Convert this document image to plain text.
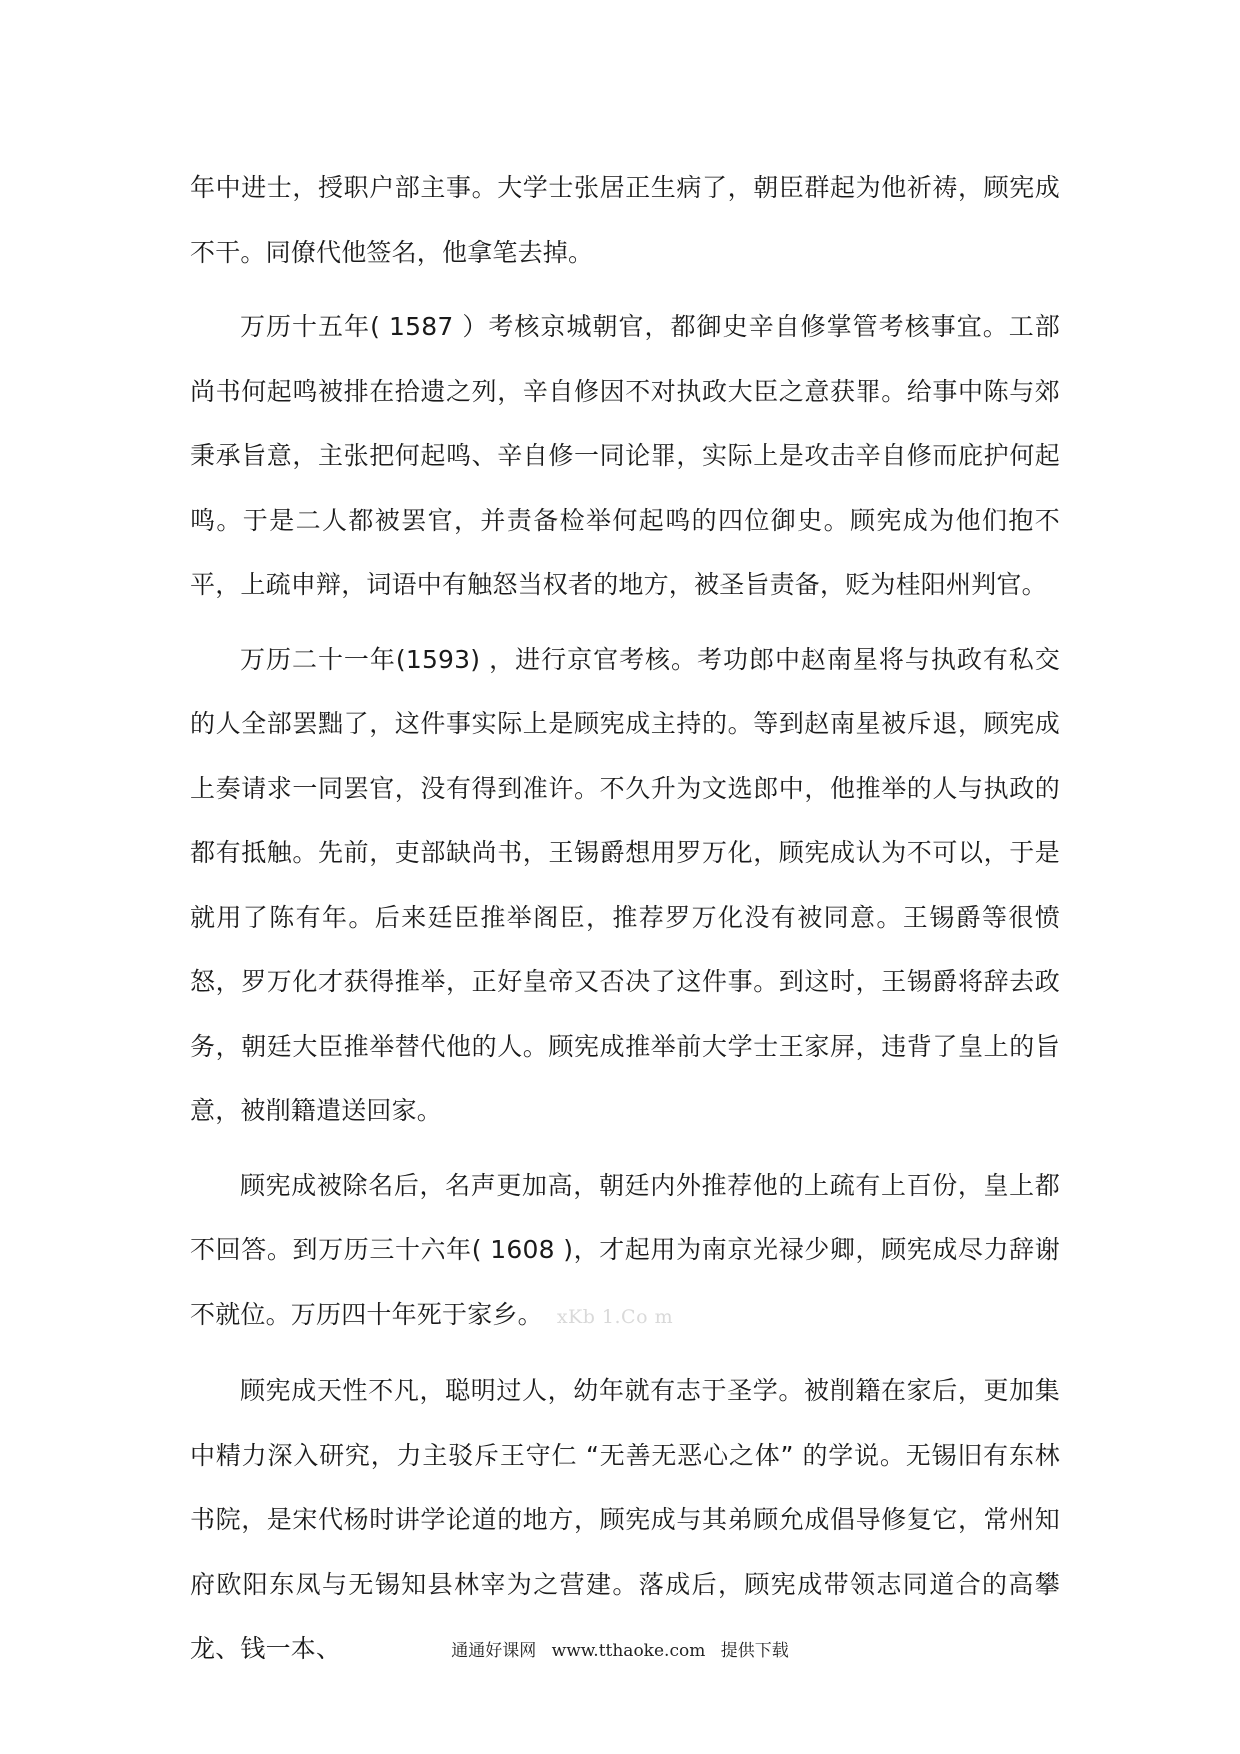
年中进士，授职户部主事。大学士张居正生病了，朝臣群起为他祈祷，顾宪成不干。同僚代他签名，他拿笔去掉。

万历十五年( 1587 ）考核京城朝官，都御史辛自修掌管考核事宜。工部尚书何起鸣被排在拾遗之列，辛自修因不对执政大臣之意获罪。给事中陈与郊秉承旨意，主张把何起鸣、辛自修一同论罪，实际上是攻击辛自修而庇护何起鸣。于是二人都被罢官，并责备检举何起鸣的四位御史。顾宪成为他们抱不平，上疏申辩，词语中有触怒当权者的地方，被圣旨责备，贬为桂阳州判官。

万历二十一年(1593) ，进行京官考核。考功郎中赵南星将与执政有私交的人全部罢黜了，这件事实际上是顾宪成主持的。等到赵南星被斥退，顾宪成上奏请求一同罢官，没有得到准许。不久升为文选郎中，他推举的人与执政的都有抵触。先前，吏部缺尚书，王锡爵想用罗万化，顾宪成认为不可以，于是就用了陈有年。后来廷臣推举阁臣，推荐罗万化没有被同意。王锡爵等很愤怒，罗万化才获得推举，正好皇帝又否决了这件事。到这时，王锡爵将辞去政务，朝廷大臣推举替代他的人。顾宪成推举前大学士王家屏，违背了皇上的旨意，被削籍遣送回家。

顾宪成被除名后，名声更加高，朝廷内外推荐他的上疏有上百份，皇上都不回答。到万历三十六年( 1608 )，才起用为南京光禄少卿，顾宪成尽力辞谢不就位。万历四十年死于家乡。 xKb 1.Co m

顾宪成天性不凡，聪明过人，幼年就有志于圣学。被削籍在家后，更加集中精力深入研究，力主驳斥王守仁 “无善无恶心之体” 的学说。无锡旧有东林书院，是宋代杨时讲学论道的地方，顾宪成与其弟顾允成倡导修复它，常州知府欧阳东凤与无锡知县林宰为之营建。落成后，顾宪成带领志同道合的高攀龙、钱一本、	通通好课网 www.tthaoke.com 提供下载
